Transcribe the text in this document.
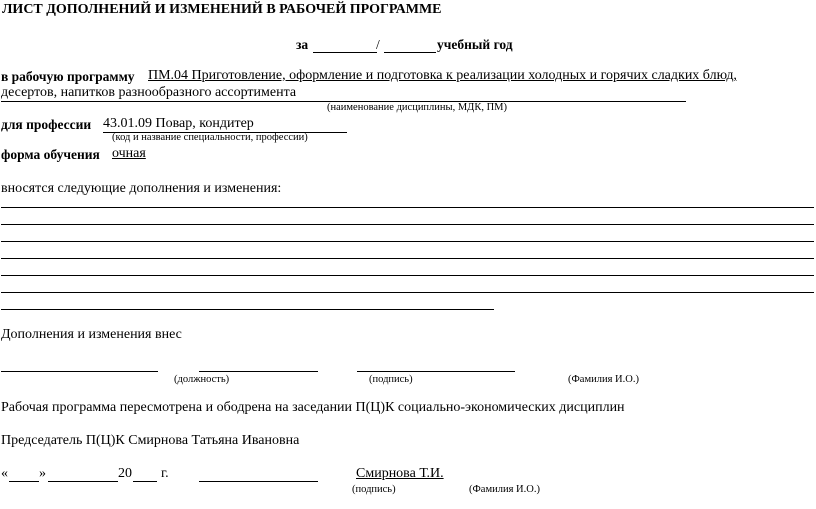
ЛИСТ ДОПОЛНЕНИЙ И ИЗМЕНЕНИЙ В РАБОЧЕЙ ПРОГРАММЕ
за	/	учебный год
в рабочую программу ПМ.04 Приготовление, оформление и подготовка к реализации холодных и горячих сладких блюд,
десертов, напитков разнообразного ассортимента
(наименование дисциплины, МДК, ПМ)
для профессии 43.01.09 Повар, кондитер
(код и название специальности, профессии)
форма обучения очная
вносятся следующие дополнения и изменения:
Дополнения и изменения внес
(должность)	(подпись)	(Фамилия И.О.)
Рабочая программа пересмотрена и ободрена на заседании П(Ц)К социально-экономических дисциплин
Председатель П(Ц)К Смирнова Татьяна Ивановна
« »	20 г.	Смирнова Т.И.
(подпись)	(Фамилия И.О.)
